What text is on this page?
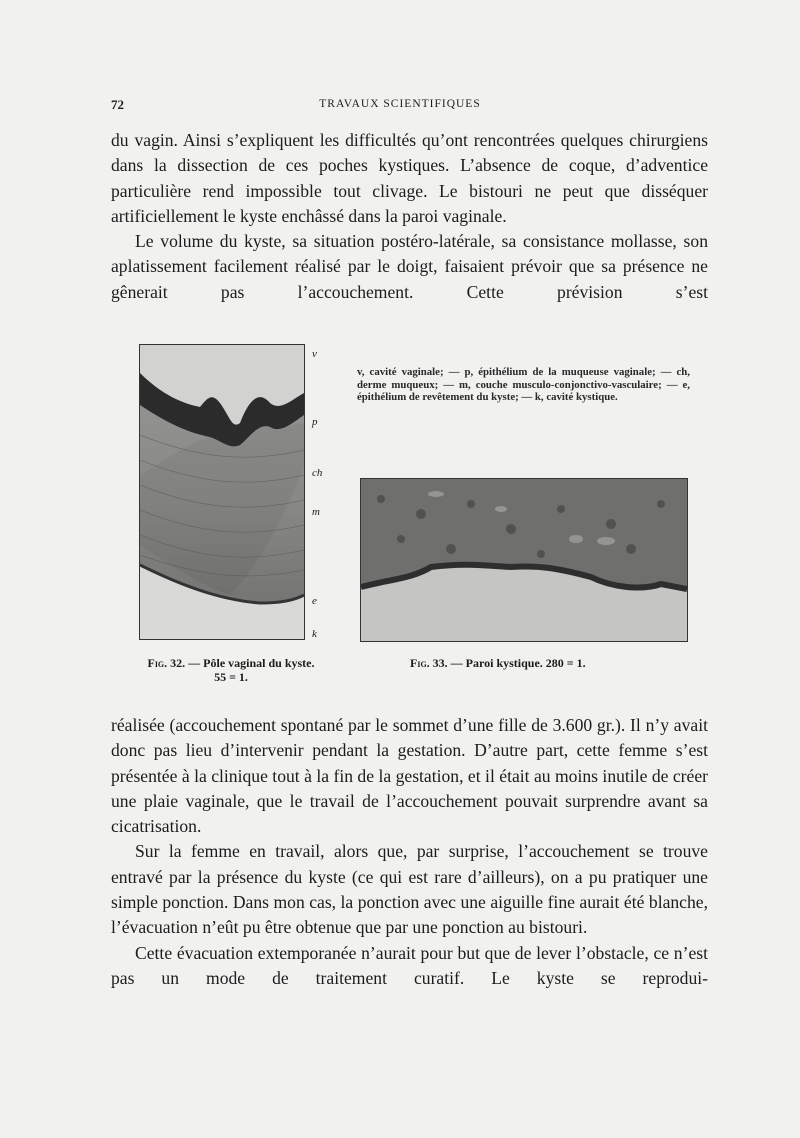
72	TRAVAUX SCIENTIFIQUES

du vagin. Ainsi s’expliquent les difficultés qu’ont rencontrées quelques chirurgiens dans la dissection de ces poches kystiques. L’absence de coque, d’adventice particulière rend impossible tout clivage. Le bistouri ne peut que disséquer artificiellement le kyste enchâssé dans la paroi vaginale.

Le volume du kyste, sa situation postéro-latérale, sa consistance mollasse, son aplatissement facilement réalisé par le doigt, faisaient prévoir que sa présence ne gênerait pas l’accouchement. Cette prévision s’est

v
p
ch
m
e
k
v, cavité vaginale; — p, épithélium de la muqueuse vaginale; — ch, derme muqueux; — m, couche musculo-conjonctivo-vasculaire; — e, épithélium de revêtement du kyste; — k, cavité kystique.
Fig. 32. — Pôle vaginal du kyste.
55 = 1.
Fig. 33. — Paroi kystique. 280 = 1.

réalisée (accouchement spontané par le sommet d’une fille de 3.600 gr.). Il n’y avait donc pas lieu d’intervenir pendant la gestation. D’autre part, cette femme s’est présentée à la clinique tout à la fin de la gestation, et il était au moins inutile de créer une plaie vaginale, que le travail de l’accouchement pouvait surprendre avant sa cicatrisation.

Sur la femme en travail, alors que, par surprise, l’accouchement se trouve entravé par la présence du kyste (ce qui est rare d’ailleurs), on a pu pratiquer une simple ponction. Dans mon cas, la ponction avec une aiguille fine aurait été blanche, l’évacuation n’eût pu être obtenue que par une ponction au bistouri.

Cette évacuation extemporanée n’aurait pour but que de lever l’obstacle, ce n’est pas un mode de traitement curatif. Le kyste se reprodui-
